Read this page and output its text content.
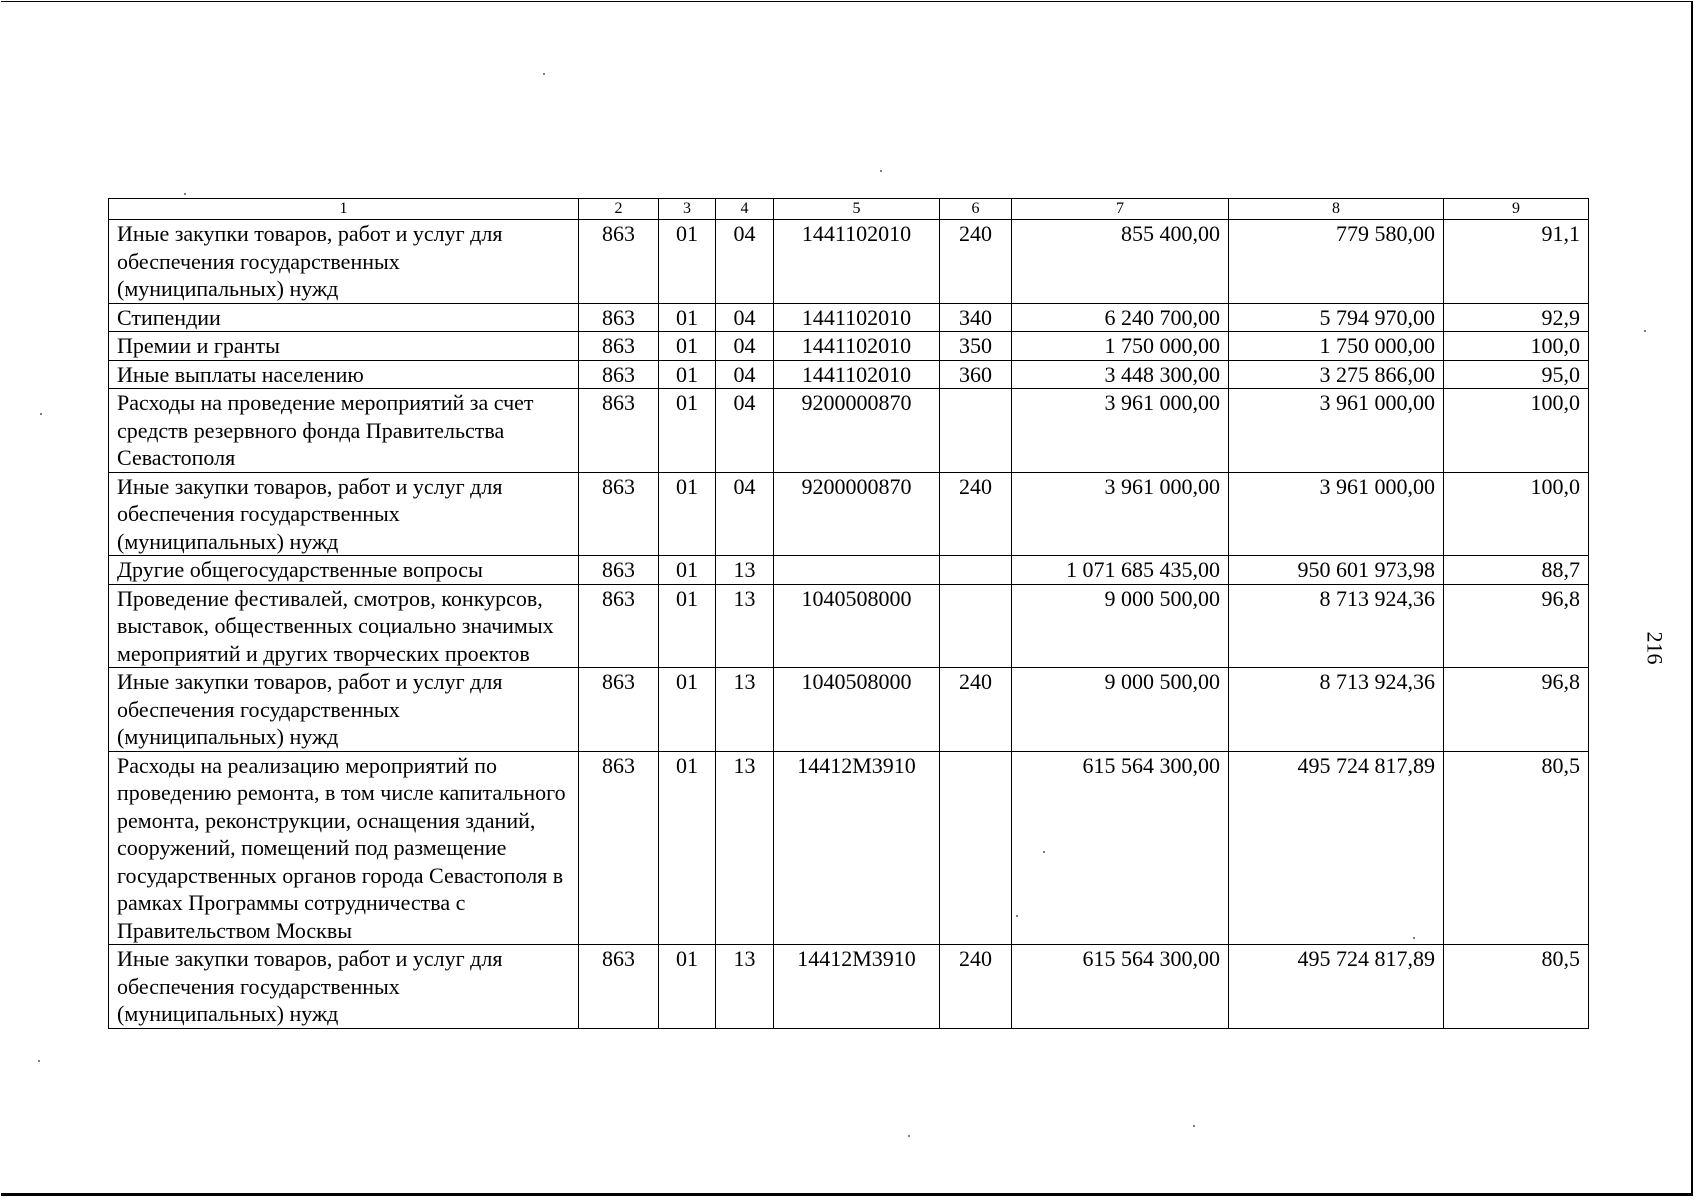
1	2	3	4	5	6	7	8	9
Иные закупки товаров, работ и услуг для обеспечения государственных (муниципальных) нужд	863	01	04	1441102010	240	855 400,00	779 580,00	91,1
Стипендии	863	01	04	1441102010	340	6 240 700,00	5 794 970,00	92,9
Премии и гранты	863	01	04	1441102010	350	1 750 000,00	1 750 000,00	100,0
Иные выплаты населению	863	01	04	1441102010	360	3 448 300,00	3 275 866,00	95,0
Расходы на проведение мероприятий за счет средств резервного фонда Правительства Севастополя	863	01	04	9200000870		3 961 000,00	3 961 000,00	100,0
Иные закупки товаров, работ и услуг для обеспечения государственных (муниципальных) нужд	863	01	04	9200000870	240	3 961 000,00	3 961 000,00	100,0
Другие общегосударственные вопросы	863	01	13			1 071 685 435,00	950 601 973,98	88,7
Проведение фестивалей, смотров, конкурсов, выставок, общественных социально значимых мероприятий и других творческих проектов	863	01	13	1040508000		9 000 500,00	8 713 924,36	96,8
Иные закупки товаров, работ и услуг для обеспечения государственных (муниципальных) нужд	863	01	13	1040508000	240	9 000 500,00	8 713 924,36	96,8
Расходы на реализацию мероприятий по проведению ремонта, в том числе капитального ремонта, реконструкции, оснащения зданий, сооружений, помещений под размещение государственных органов города Севастополя в рамках Программы сотрудничества с Правительством Москвы	863	01	13	14412М3910		615 564 300,00	495 724 817,89	80,5
Иные закупки товаров, работ и услуг для обеспечения государственных (муниципальных) нужд	863	01	13	14412М3910	240	615 564 300,00	495 724 817,89	80,5
216
